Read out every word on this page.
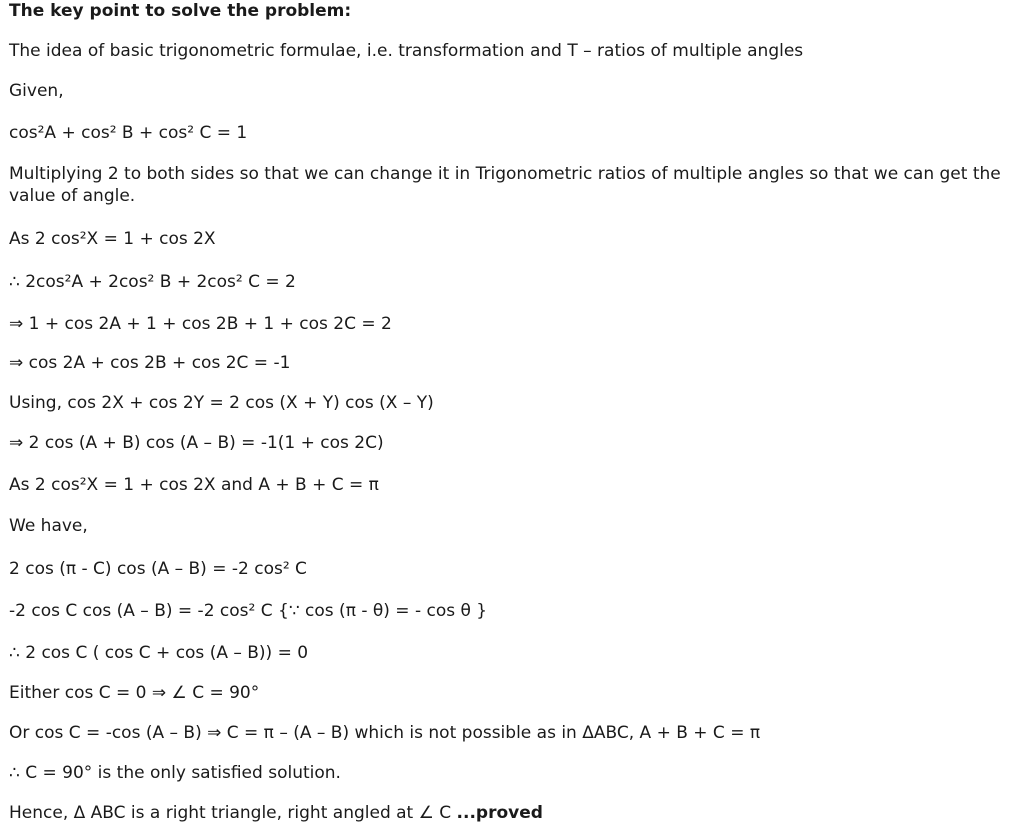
The key point to solve the problem:
The idea of basic trigonometric formulae, i.e. transformation and T – ratios of multiple angles
Given,
cos²A + cos² B + cos² C = 1
Multiplying 2 to both sides so that we can change it in Trigonometric ratios of multiple angles so that we can get the value of angle.
As 2 cos²X = 1 + cos 2X
∴ 2cos²A + 2cos² B + 2cos² C = 2
⇒ 1 + cos 2A + 1 + cos 2B + 1 + cos 2C = 2
⇒ cos 2A + cos 2B + cos 2C = -1
Using, cos 2X + cos 2Y = 2 cos (X + Y) cos (X – Y)
⇒ 2 cos (A + B) cos (A – B) = -1(1 + cos 2C)
As 2 cos²X = 1 + cos 2X and A + B + C = π
We have,
2 cos (π - C) cos (A – B) = -2 cos² C
-2 cos C cos (A – B) = -2 cos² C {∵ cos (π - θ) = - cos θ }
∴ 2 cos C ( cos C + cos (A – B)) = 0
Either cos C = 0 ⇒ ∠ C = 90°
Or cos C = -cos (A – B) ⇒ C = π – (A – B) which is not possible as in ΔABC, A + B + C = π
∴ C = 90° is the only satisfied solution.
Hence, Δ ABC is a right triangle, right angled at ∠ C ...proved
